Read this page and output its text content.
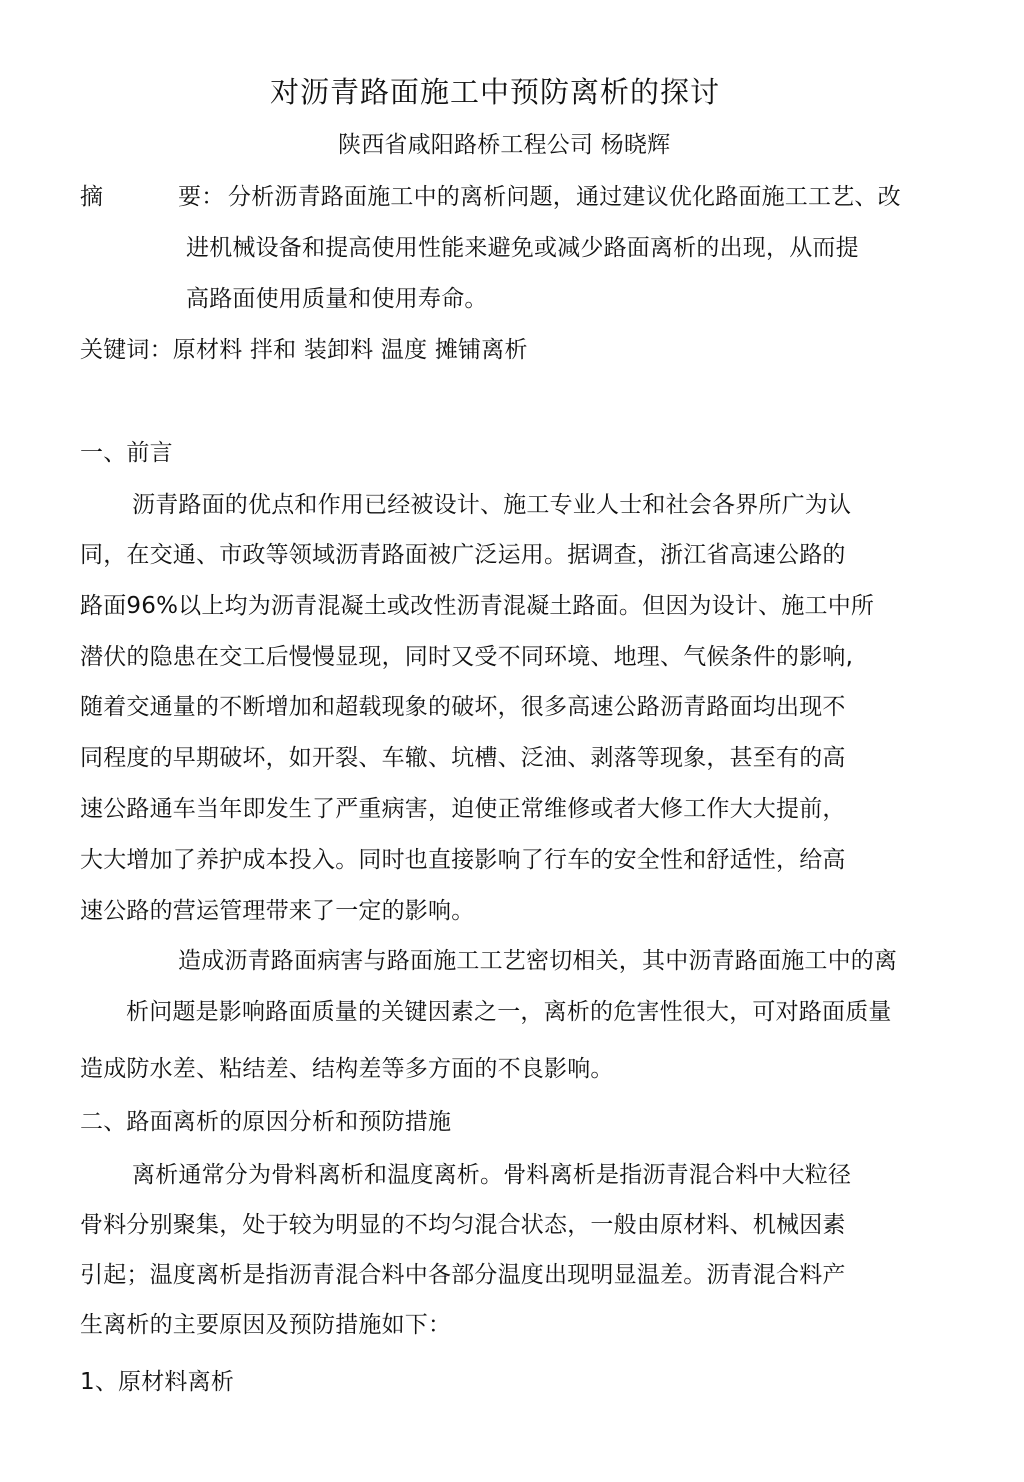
对沥青路面施工中预防离析的探讨
陕西省咸阳路桥工程公司 杨晓辉
摘	要： 分析沥青路面施工中的离析问题，通过建议优化路面施工工艺、改
进机械设备和提高使用性能来避免或减少路面离析的出现，从而提
高路面使用质量和使用寿命。
关键词：原材料 拌和 装卸料 温度 摊铺离析
一、前言
沥青路面的优点和作用已经被设计、施工专业人士和社会各界所广为认
同，在交通、市政等领域沥青路面被广泛运用。据调查，浙江省高速公路的
路面96%以上均为沥青混凝土或改性沥青混凝土路面。但因为设计、施工中所
潜伏的隐患在交工后慢慢显现，同时又受不同环境、地理、气候条件的影响,
随着交通量的不断增加和超载现象的破坏，很多高速公路沥青路面均出现不
同程度的早期破坏，如开裂、车辙、坑槽、泛油、剥落等现象，甚至有的高
速公路通车当年即发生了严重病害，迫使正常维修或者大修工作大大提前，
大大增加了养护成本投入。同时也直接影响了行车的安全性和舒适性，给高
速公路的营运管理带来了一定的影响。
造成沥青路面病害与路面施工工艺密切相关，其中沥青路面施工中的离
析问题是影响路面质量的关键因素之一，离析的危害性很大，可对路面质量
造成防水差、粘结差、结构差等多方面的不良影响。
二、路面离析的原因分析和预防措施
离析通常分为骨料离析和温度离析。骨料离析是指沥青混合料中大粒径
骨料分别聚集，处于较为明显的不均匀混合状态，一般由原材料、机械因素
引起；温度离析是指沥青混合料中各部分温度出现明显温差。沥青混合料产
生离析的主要原因及预防措施如下：
1、原材料离析
